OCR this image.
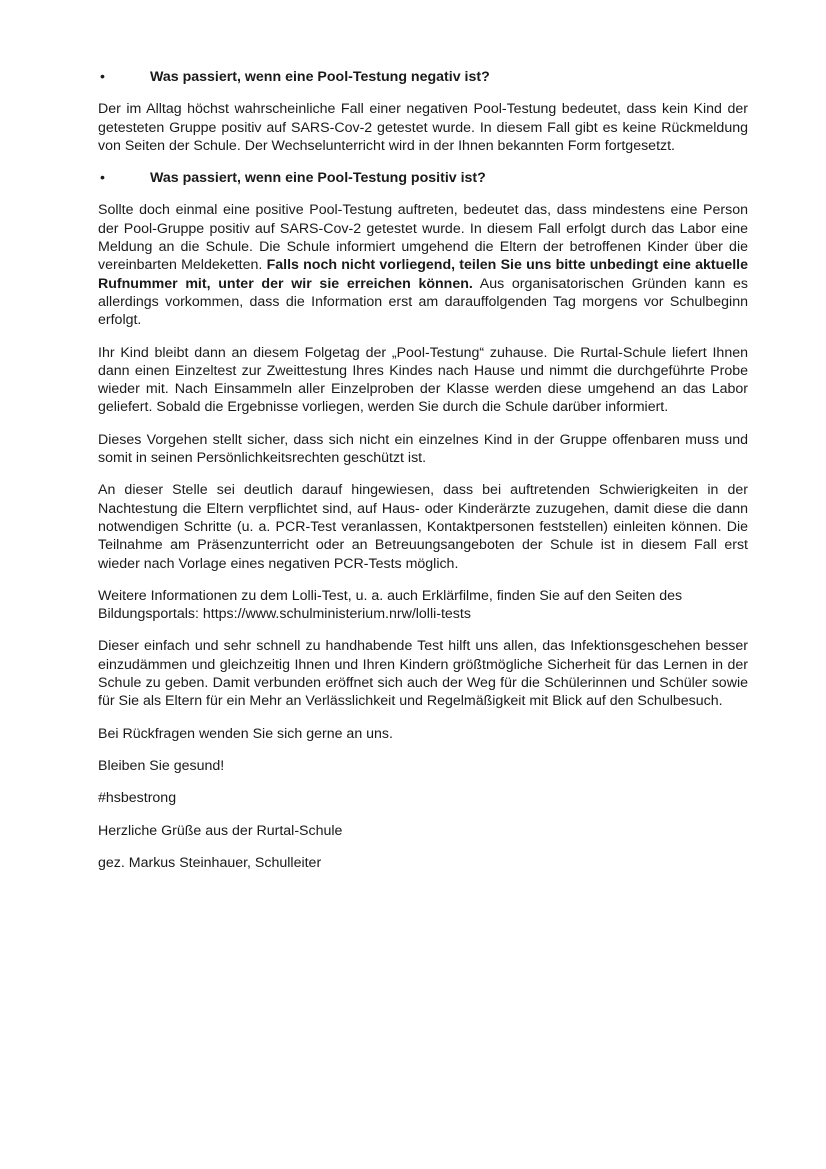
•	Was passiert, wenn eine Pool-Testung negativ ist?

Der im Alltag höchst wahrscheinliche Fall einer negativen Pool-Testung bedeutet, dass kein Kind der getesteten Gruppe positiv auf SARS-Cov-2 getestet wurde. In diesem Fall gibt es keine Rückmeldung von Seiten der Schule. Der Wechselunterricht wird in der Ihnen bekannten Form fortgesetzt.

•	Was passiert, wenn eine Pool-Testung positiv ist?

Sollte doch einmal eine positive Pool-Testung auftreten, bedeutet das, dass mindestens eine Person der Pool-Gruppe positiv auf SARS-Cov-2 getestet wurde. In diesem Fall erfolgt durch das Labor eine Meldung an die Schule. Die Schule informiert umgehend die Eltern der betroffenen Kinder über die vereinbarten Meldeketten. Falls noch nicht vorliegend, teilen Sie uns bitte unbedingt eine aktuelle Rufnummer mit, unter der wir sie erreichen können. Aus organisatorischen Gründen kann es allerdings vorkommen, dass die Information erst am darauffolgenden Tag morgens vor Schulbeginn erfolgt.

Ihr Kind bleibt dann an diesem Folgetag der „Pool-Testung“ zuhause. Die Rurtal-Schule liefert Ihnen dann einen Einzeltest zur Zweittestung Ihres Kindes nach Hause und nimmt die durchgeführte Probe wieder mit. Nach Einsammeln aller Einzelproben der Klasse werden diese umgehend an das Labor geliefert. Sobald die Ergebnisse vorliegen, werden Sie durch die Schule darüber informiert.

Dieses Vorgehen stellt sicher, dass sich nicht ein einzelnes Kind in der Gruppe offenbaren muss und somit in seinen Persönlichkeitsrechten geschützt ist.

An dieser Stelle sei deutlich darauf hingewiesen, dass bei auftretenden Schwierigkeiten in der Nachtestung die Eltern verpflichtet sind, auf Haus- oder Kinderärzte zuzugehen, damit diese die dann notwendigen Schritte (u. a. PCR-Test veranlassen, Kontaktpersonen feststellen) einleiten können. Die Teilnahme am Präsenzunterricht oder an Betreuungsangeboten der Schule ist in diesem Fall erst wieder nach Vorlage eines negativen PCR-Tests möglich.

Weitere Informationen zu dem Lolli-Test, u. a. auch Erklärfilme, finden Sie auf den Seiten des Bildungsportals: https://www.schulministerium.nrw/lolli-tests

Dieser einfach und sehr schnell zu handhabende Test hilft uns allen, das Infektionsgeschehen besser einzudämmen und gleichzeitig Ihnen und Ihren Kindern größtmögliche Sicherheit für das Lernen in der Schule zu geben. Damit verbunden eröffnet sich auch der Weg für die Schülerinnen und Schüler sowie für Sie als Eltern für ein Mehr an Verlässlichkeit und Regelmäßigkeit mit Blick auf den Schulbesuch.

Bei Rückfragen wenden Sie sich gerne an uns.

Bleiben Sie gesund!

#hsbestrong

Herzliche Grüße aus der Rurtal-Schule

gez. Markus Steinhauer, Schulleiter
